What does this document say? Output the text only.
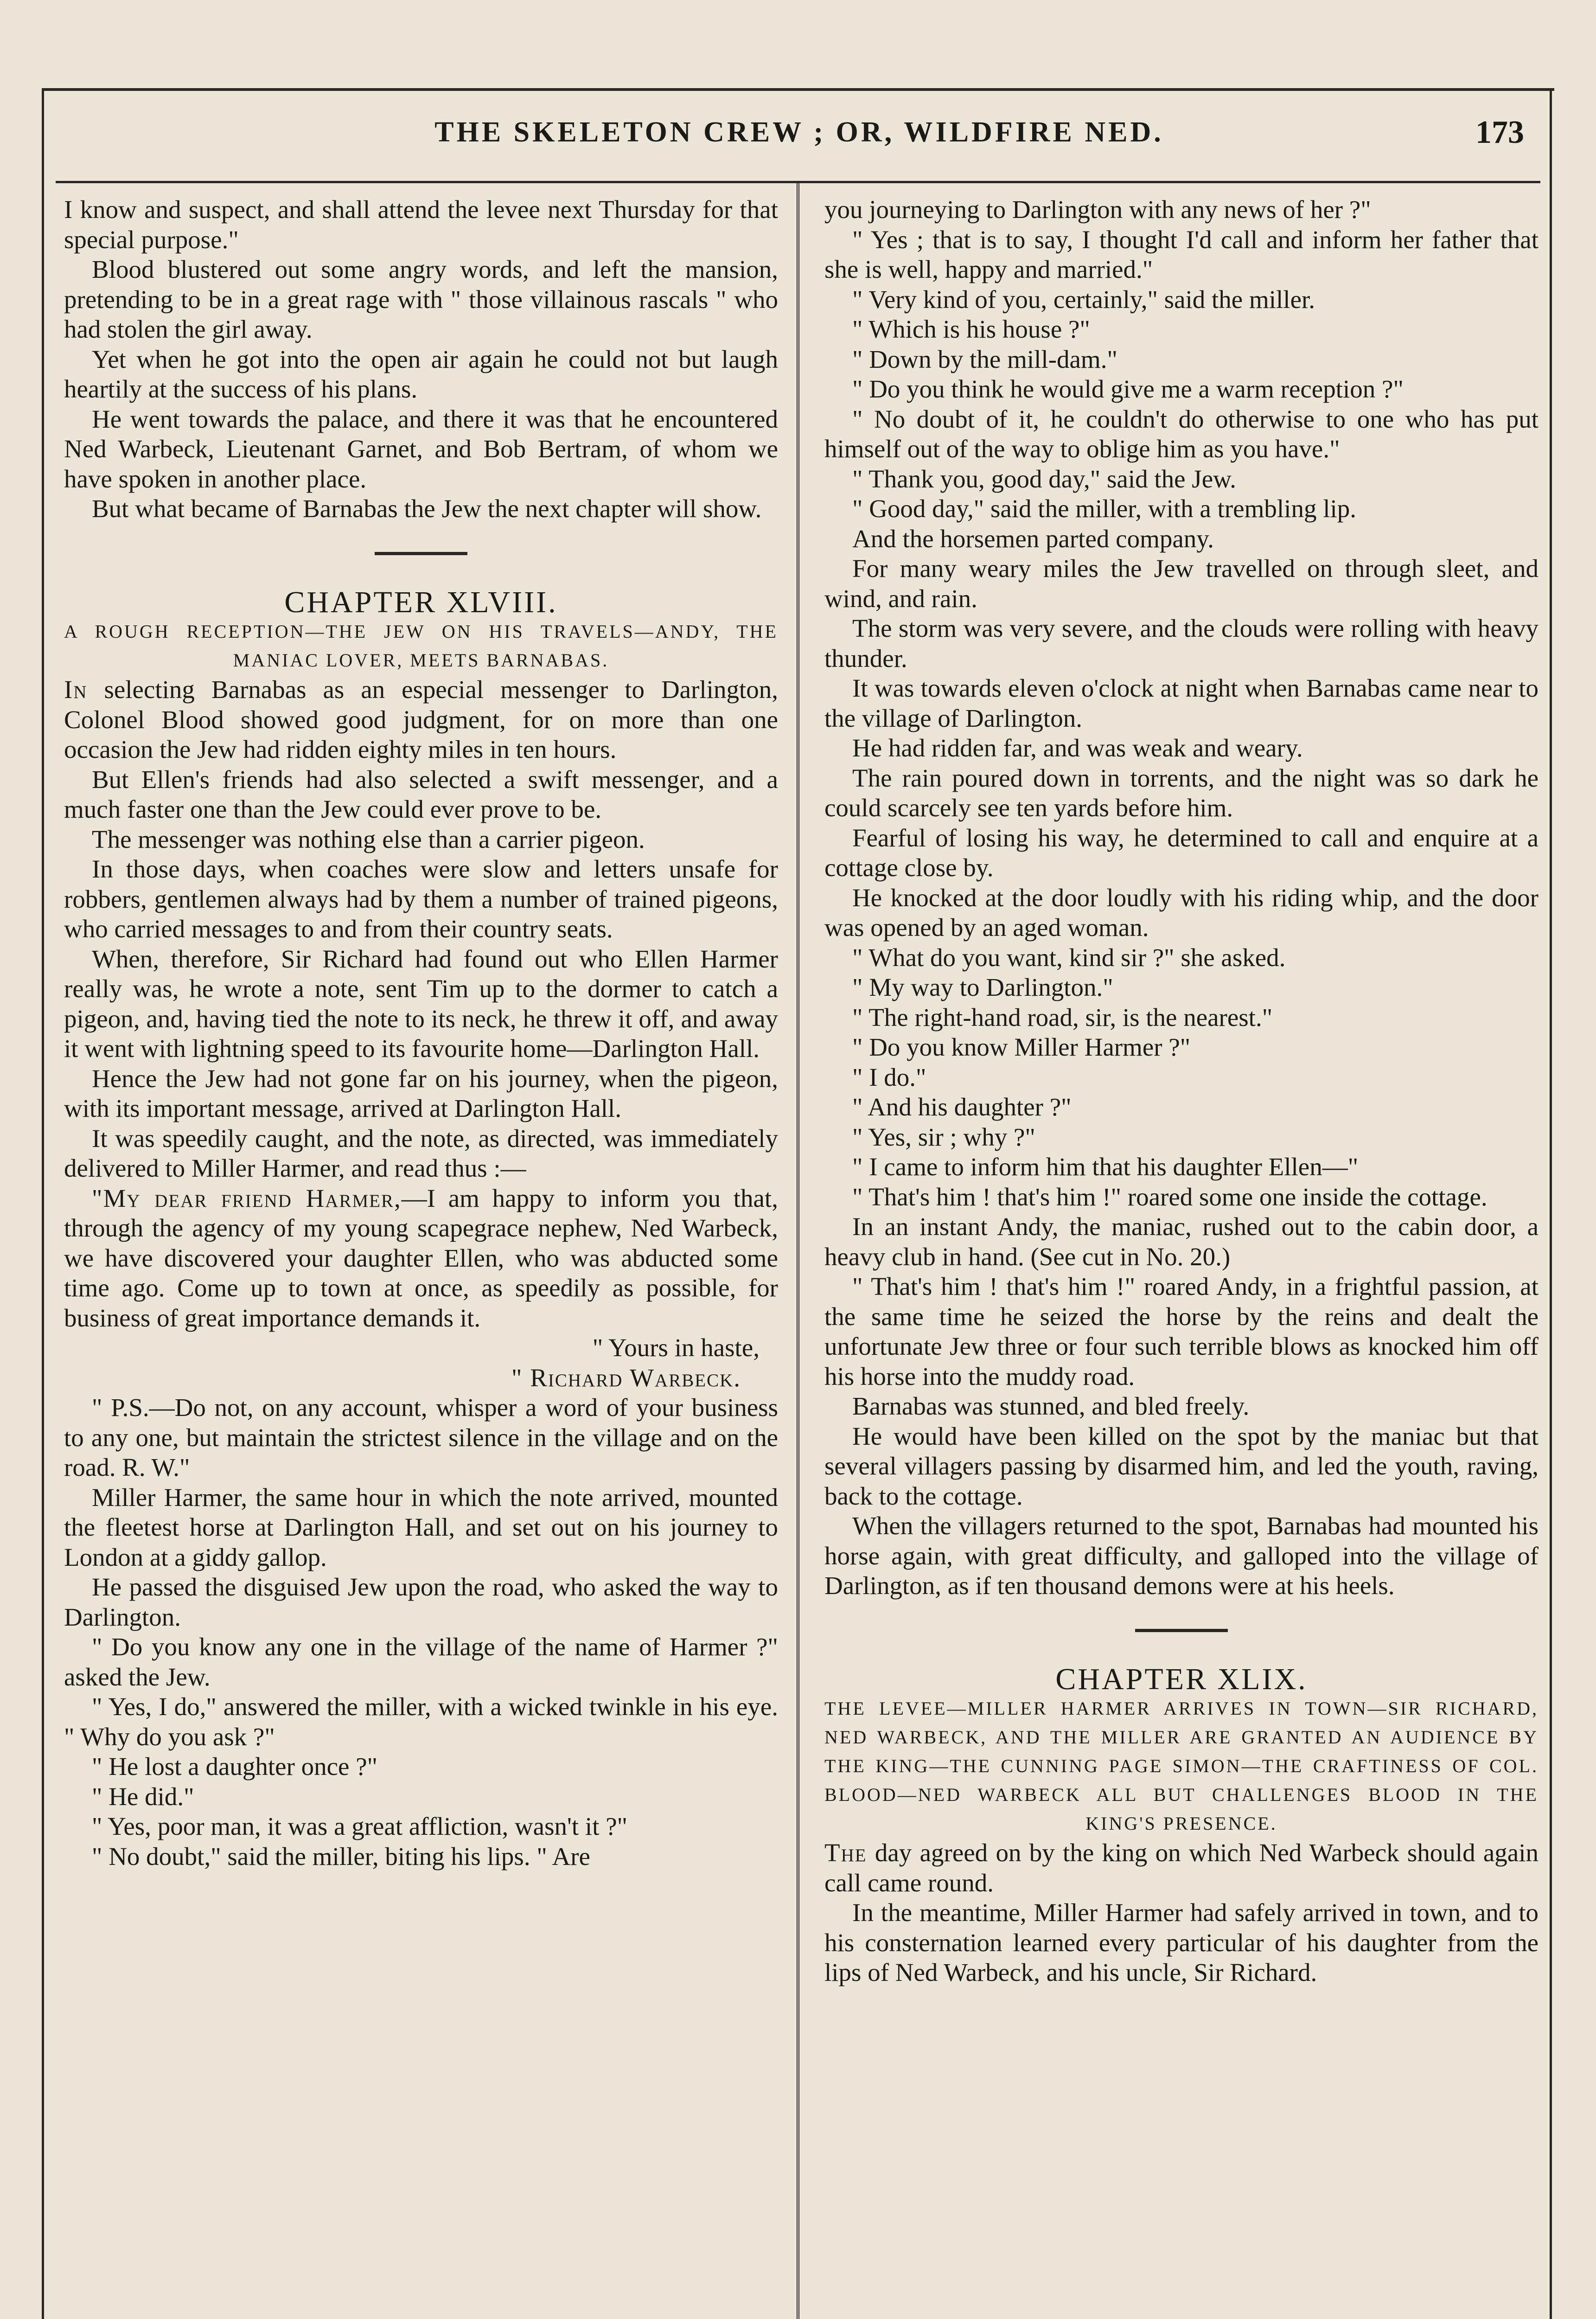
THE SKELETON CREW ; OR, WILDFIRE NED.	173

I know and suspect, and shall attend the levee next Thursday for that special purpose."

Blood blustered out some angry words, and left the mansion, pretending to be in a great rage with " those villainous rascals " who had stolen the girl away.

Yet when he got into the open air again he could not but laugh heartily at the success of his plans.

He went towards the palace, and there it was that he encountered Ned Warbeck, Lieutenant Garnet, and Bob Bertram, of whom we have spoken in another place.

But what became of Barnabas the Jew the next chapter will show.

CHAPTER XLVIII.

A ROUGH RECEPTION—THE JEW ON HIS TRAVELS—ANDY, THE MANIAC LOVER, MEETS BARNABAS.

In selecting Barnabas as an especial messenger to Darlington, Colonel Blood showed good judgment, for on more than one occasion the Jew had ridden eighty miles in ten hours.

But Ellen's friends had also selected a swift messenger, and a much faster one than the Jew could ever prove to be.

The messenger was nothing else than a carrier pigeon.

In those days, when coaches were slow and letters unsafe for robbers, gentlemen always had by them a number of trained pigeons, who carried messages to and from their country seats.

When, therefore, Sir Richard had found out who Ellen Harmer really was, he wrote a note, sent Tim up to the dormer to catch a pigeon, and, having tied the note to its neck, he threw it off, and away it went with lightning speed to its favourite home—Darlington Hall.

Hence the Jew had not gone far on his journey, when the pigeon, with its important message, arrived at Darlington Hall.

It was speedily caught, and the note, as directed, was immediately delivered to Miller Harmer, and read thus :—

"My dear friend Harmer,—I am happy to inform you that, through the agency of my young scapegrace nephew, Ned Warbeck, we have discovered your daughter Ellen, who was abducted some time ago. Come up to town at once, as speedily as possible, for business of great importance demands it.

" Yours in haste,

" Richard Warbeck.

" P.S.—Do not, on any account, whisper a word of your business to any one, but maintain the strictest silence in the village and on the road. R. W."

Miller Harmer, the same hour in which the note arrived, mounted the fleetest horse at Darlington Hall, and set out on his journey to London at a giddy gallop.

He passed the disguised Jew upon the road, who asked the way to Darlington.

" Do you know any one in the village of the name of Harmer ?" asked the Jew.

" Yes, I do," answered the miller, with a wicked twinkle in his eye. " Why do you ask ?"

" He lost a daughter once ?"

" He did."

" Yes, poor man, it was a great affliction, wasn't it ?"

" No doubt," said the miller, biting his lips. " Are

you journeying to Darlington with any news of her ?"

" Yes ; that is to say, I thought I'd call and inform her father that she is well, happy and married."

" Very kind of you, certainly," said the miller.

" Which is his house ?"

" Down by the mill-dam."

" Do you think he would give me a warm reception ?"

" No doubt of it, he couldn't do otherwise to one who has put himself out of the way to oblige him as you have."

" Thank you, good day," said the Jew.

" Good day," said the miller, with a trembling lip.

And the horsemen parted company.

For many weary miles the Jew travelled on through sleet, and wind, and rain.

The storm was very severe, and the clouds were rolling with heavy thunder.

It was towards eleven o'clock at night when Barnabas came near to the village of Darlington.

He had ridden far, and was weak and weary.

The rain poured down in torrents, and the night was so dark he could scarcely see ten yards before him.

Fearful of losing his way, he determined to call and enquire at a cottage close by.

He knocked at the door loudly with his riding whip, and the door was opened by an aged woman.

" What do you want, kind sir ?" she asked.

" My way to Darlington."

" The right-hand road, sir, is the nearest."

" Do you know Miller Harmer ?"

" I do."

" And his daughter ?"

" Yes, sir ; why ?"

" I came to inform him that his daughter Ellen—"

" That's him ! that's him !" roared some one inside the cottage.

In an instant Andy, the maniac, rushed out to the cabin door, a heavy club in hand. (See cut in No. 20.)

" That's him ! that's him !" roared Andy, in a frightful passion, at the same time he seized the horse by the reins and dealt the unfortunate Jew three or four such terrible blows as knocked him off his horse into the muddy road.

Barnabas was stunned, and bled freely.

He would have been killed on the spot by the maniac but that several villagers passing by disarmed him, and led the youth, raving, back to the cottage.

When the villagers returned to the spot, Barnabas had mounted his horse again, with great difficulty, and galloped into the village of Darlington, as if ten thousand demons were at his heels.

CHAPTER XLIX.

THE LEVEE—MILLER HARMER ARRIVES IN TOWN—SIR RICHARD, NED WARBECK, AND THE MILLER ARE GRANTED AN AUDIENCE BY THE KING—THE CUNNING PAGE SIMON—THE CRAFTINESS OF COL. BLOOD—NED WARBECK ALL BUT CHALLENGES BLOOD IN THE KING'S PRESENCE.

The day agreed on by the king on which Ned Warbeck should again call came round.

In the meantime, Miller Harmer had safely arrived in town, and to his consternation learned every particular of his daughter from the lips of Ned Warbeck, and his uncle, Sir Richard.
